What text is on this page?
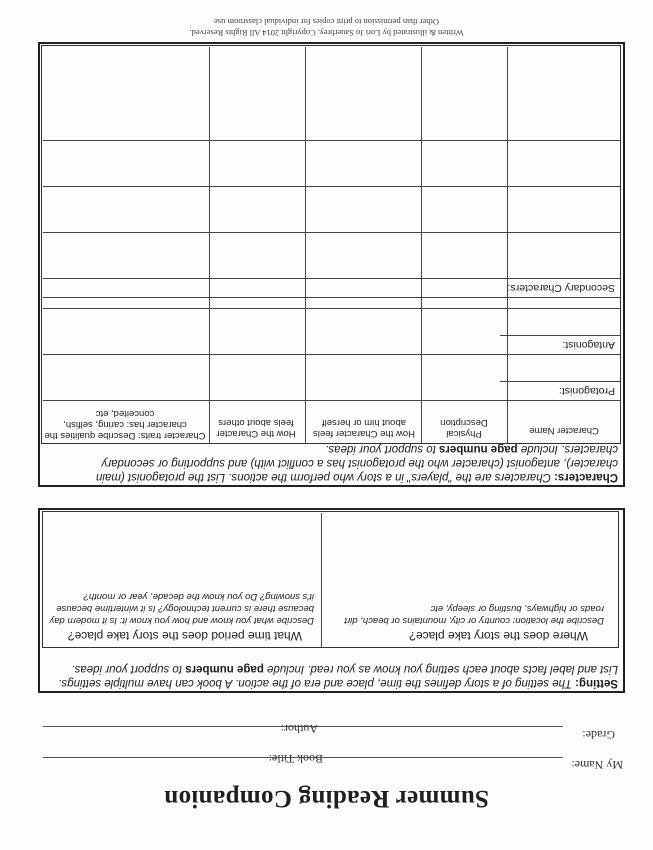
Summer Reading Companion
My Name:
Book Title:
Grade:
Author:
Setting: The setting of a story defines the time, place and era of the action. A book can have multiple settings. List and label facts about each setting you know as you read. Include page numbers to support your ideas.
Where does the story take place?
Describe the location: country or city, mountains or beach, dirt roads or highways, bustling or sleepy, etc
What time period does the story take place?
Describe what you know and how you know it: Is it modern day because there is current technology? Is it wintertime because it's snowing? Do you know the decade, year or month?
Characters: Characters are the "players" in a story who perform the actions. List the protagonist (main character), antagonist (character who the protagonist has a conflict with) and supporting or secondary characters. Include page numbers to support your ideas.
Character Name
Physical Description
How the Character feels about him or herself
How the Character feels about others
Character traits: Describe qualities the character has: caring, selfish, conceited, etc
Protagonist:
Antagonist:
Secondary Characters:
Written & illustrated by Lori Jo Sauerbrey. Copyright 2014 All Rights Reserved.
Other than permission to print copies for individual classroom use
